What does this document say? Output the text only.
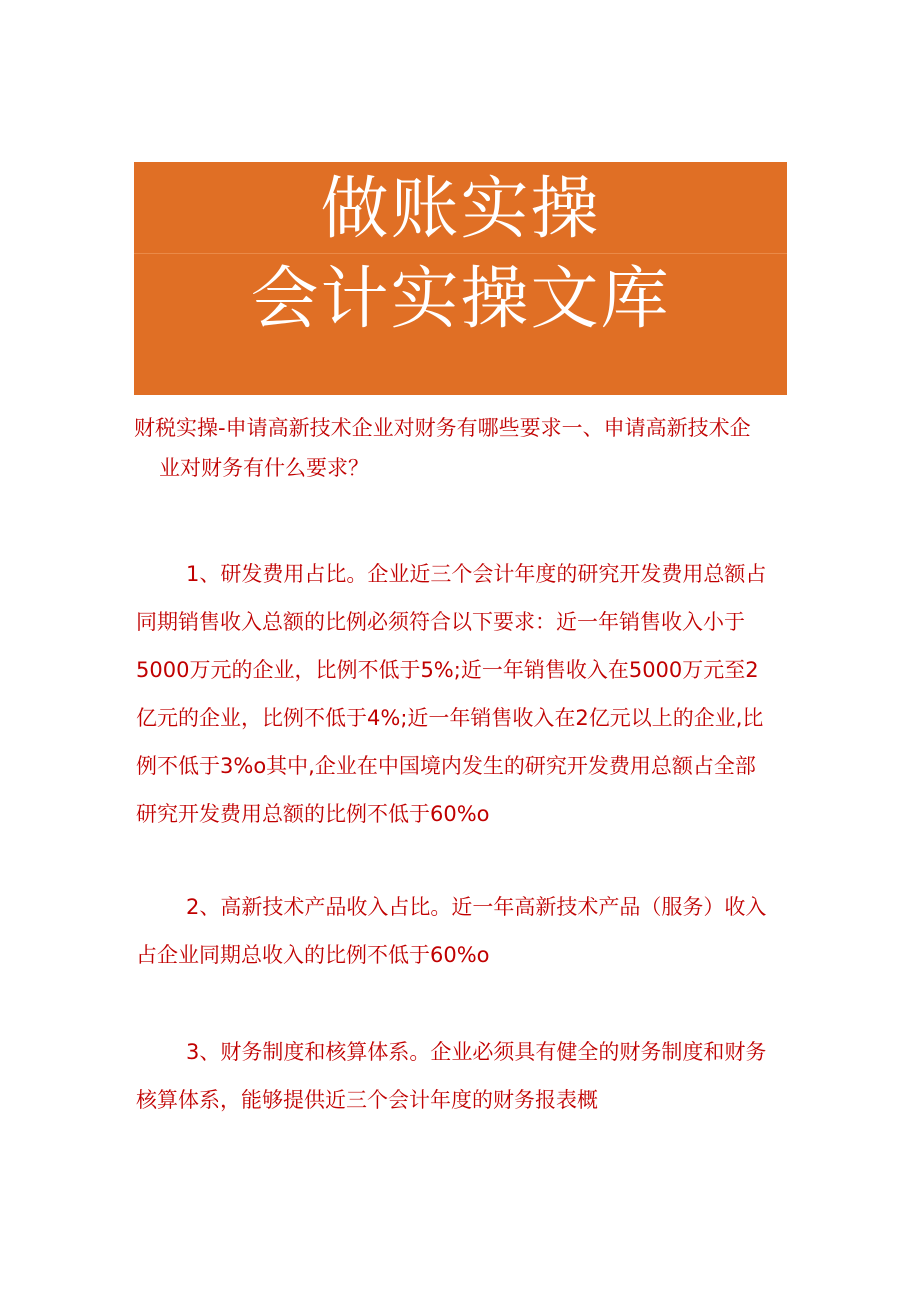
做账实操
会计实操文库
财税实操-申请高新技术企业对财务有哪些要求一、申请高新技术企
业对财务有什么要求？
1、研发费用占比。企业近三个会计年度的研究开发费用总额占
同期销售收入总额的比例必须符合以下要求：近一年销售收入小于
5000万元的企业，比例不低于5%;近一年销售收入在5000万元至2
亿元的企业，比例不低于4%;近一年销售收入在2亿元以上的企业,比
例不低于3%o其中,企业在中国境内发生的研究开发费用总额占全部
研究开发费用总额的比例不低于60%o
2、高新技术产品收入占比。近一年高新技术产品（服务）收入
占企业同期总收入的比例不低于60%o
3、财务制度和核算体系。企业必须具有健全的财务制度和财务
核算体系，能够提供近三个会计年度的财务报表概
